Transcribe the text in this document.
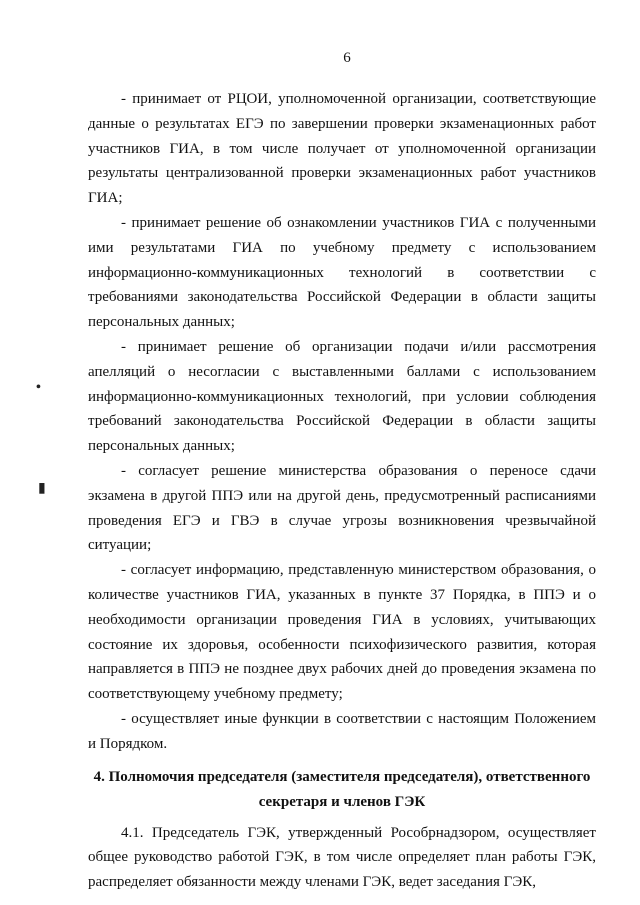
6

- принимает от РЦОИ, уполномоченной организации, соответствующие данные о результатах ЕГЭ по завершении проверки экзаменационных работ участников ГИА, в том числе получает от уполномоченной организации результаты централизованной проверки экзаменационных работ участников ГИА;

- принимает решение об ознакомлении участников ГИА с полученными ими результатами ГИА по учебному предмету с использованием информационно-коммуникационных технологий в соответствии с требованиями законодательства Российской Федерации в области защиты персональных данных;

- принимает решение об организации подачи и/или рассмотрения апелляций о несогласии с выставленными баллами с использованием информационно-коммуникационных технологий, при условии соблюдения требований законодательства Российской Федерации в области защиты персональных данных;

- согласует решение министерства образования о переносе сдачи экзамена в другой ППЭ или на другой день, предусмотренный расписаниями проведения ЕГЭ и ГВЭ в случае угрозы возникновения чрезвычайной ситуации;

- согласует информацию, представленную министерством образования, о количестве участников ГИА, указанных в пункте 37 Порядка, в ППЭ и о необходимости организации проведения ГИА в условиях, учитывающих состояние их здоровья, особенности психофизического развития, которая направляется в ППЭ не позднее двух рабочих дней до проведения экзамена по соответствующему учебному предмету;

- осуществляет иные функции в соответствии с настоящим Положением и Порядком.

4. Полномочия председателя (заместителя председателя), ответственного секретаря и членов ГЭК

4.1. Председатель ГЭК, утвержденный Рособрнадзором, осуществляет общее руководство работой ГЭК, в том числе определяет план работы ГЭК, распределяет обязанности между членами ГЭК, ведет заседания ГЭК,

•
▮
